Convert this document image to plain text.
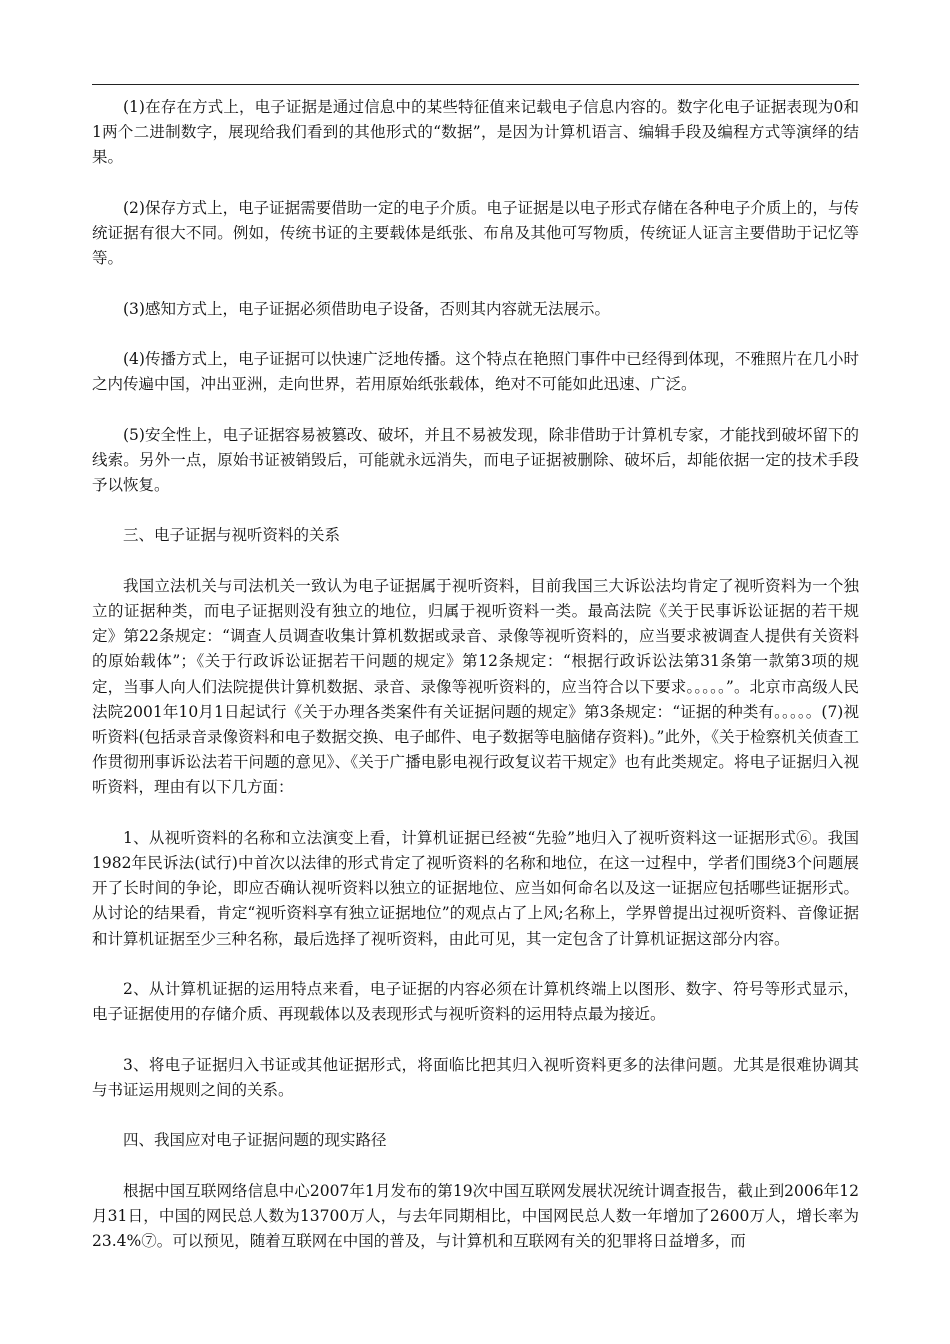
(1)在存在方式上，电子证据是通过信息中的某些特征值来记载电子信息内容的。数字化电子证据表现为0和1两个二进制数字，展现给我们看到的其他形式的“数据”，是因为计算机语言、编辑手段及编程方式等演绎的结果。

(2)保存方式上，电子证据需要借助一定的电子介质。电子证据是以电子形式存储在各种电子介质上的，与传统证据有很大不同。例如，传统书证的主要载体是纸张、布帛及其他可写物质，传统证人证言主要借助于记忆等等。

(3)感知方式上，电子证据必须借助电子设备，否则其内容就无法展示。

(4)传播方式上，电子证据可以快速广泛地传播。这个特点在艳照门事件中已经得到体现，不雅照片在几小时之内传遍中国，冲出亚洲，走向世界，若用原始纸张载体，绝对不可能如此迅速、广泛。

(5)安全性上，电子证据容易被篡改、破坏，并且不易被发现，除非借助于计算机专家，才能找到破坏留下的线索。另外一点，原始书证被销毁后，可能就永远消失，而电子证据被删除、破坏后，却能依据一定的技术手段予以恢复。

三、电子证据与视听资料的关系

我国立法机关与司法机关一致认为电子证据属于视听资料，目前我国三大诉讼法均肯定了视听资料为一个独立的证据种类，而电子证据则没有独立的地位，归属于视听资料一类。最高法院《关于民事诉讼证据的若干规定》第22条规定：“调查人员调查收集计算机数据或录音、录像等视听资料的，应当要求被调查人提供有关资料的原始载体”；《关于行政诉讼证据若干问题的规定》第12条规定：“根据行政诉讼法第31条第一款第3项的规定，当事人向人们法院提供计算机数据、录音、录像等视听资料的，应当符合以下要求。。。。。”。北京市高级人民法院2001年10月1日起试行《关于办理各类案件有关证据问题的规定》第3条规定：“证据的种类有。。。。。(7)视听资料(包括录音录像资料和电子数据交换、电子邮件、电子数据等电脑储存资料)。”此外，《关于检察机关侦查工作贯彻刑事诉讼法若干问题的意见》、《关于广播电影电视行政复议若干规定》也有此类规定。将电子证据归入视听资料，理由有以下几方面：

1、从视听资料的名称和立法演变上看，计算机证据已经被“先验”地归入了视听资料这一证据形式⑥。我国1982年民诉法(试行)中首次以法律的形式肯定了视听资料的名称和地位，在这一过程中，学者们围绕3个问题展开了长时间的争论，即应否确认视听资料以独立的证据地位、应当如何命名以及这一证据应包括哪些证据形式。从讨论的结果看，肯定“视听资料享有独立证据地位”的观点占了上风;名称上，学界曾提出过视听资料、音像证据和计算机证据至少三种名称，最后选择了视听资料，由此可见，其一定包含了计算机证据这部分内容。

2、从计算机证据的运用特点来看，电子证据的内容必须在计算机终端上以图形、数字、符号等形式显示，电子证据使用的存储介质、再现载体以及表现形式与视听资料的运用特点最为接近。

3、将电子证据归入书证或其他证据形式，将面临比把其归入视听资料更多的法律问题。尤其是很难协调其与书证运用规则之间的关系。

四、我国应对电子证据问题的现实路径

根据中国互联网络信息中心2007年1月发布的第19次中国互联网发展状况统计调查报告，截止到2006年12月31日，中国的网民总人数为13700万人，与去年同期相比，中国网民总人数一年增加了2600万人，增长率为23.4%⑦。可以预见，随着互联网在中国的普及，与计算机和互联网有关的犯罪将日益增多，而
